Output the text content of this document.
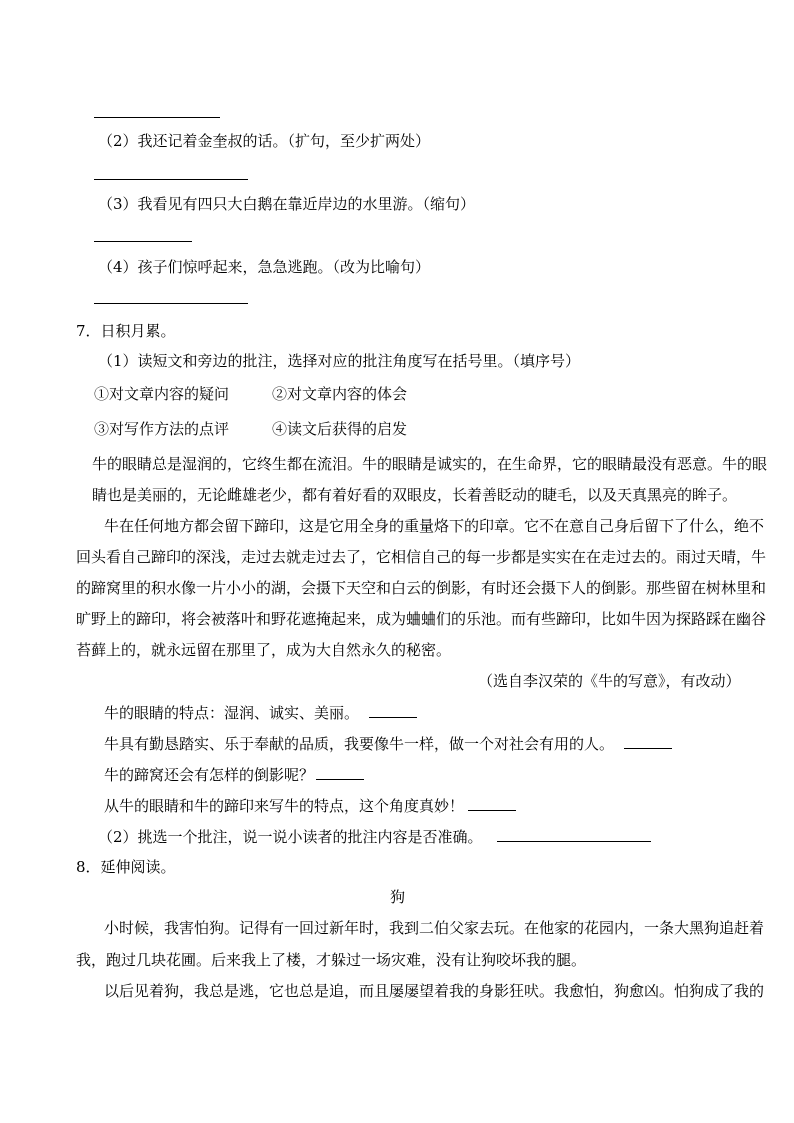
（2）我还记着金奎叔的话。（扩句，至少扩两处）
（3）我看见有四只大白鹅在靠近岸边的水里游。（缩句）
（4）孩子们惊呼起来，急急逃跑。（改为比喻句）
7．日积月累。
（1）读短文和旁边的批注，选择对应的批注角度写在括号里。（填序号）
①对文章内容的疑问	②对文章内容的体会
③对写作方法的点评	④读文后获得的启发
牛的眼睛总是湿润的，它终生都在流泪。牛的眼睛是诚实的，在生命界，它的眼睛最没有恶意。牛的眼
睛也是美丽的，无论雌雄老少，都有着好看的双眼皮，长着善眨动的睫毛，以及天真黑亮的眸子。
牛在任何地方都会留下蹄印，这是它用全身的重量烙下的印章。它不在意自己身后留下了什么，绝不
回头看自己蹄印的深浅，走过去就走过去了，它相信自己的每一步都是实实在在走过去的。雨过天晴，牛
的蹄窝里的积水像一片小小的湖，会摄下天空和白云的倒影，有时还会摄下人的倒影。那些留在树林里和
旷野上的蹄印，将会被落叶和野花遮掩起来，成为蛐蛐们的乐池。而有些蹄印，比如牛因为探路踩在幽谷
苔藓上的，就永远留在那里了，成为大自然永久的秘密。
（选自李汉荣的《牛的写意》，有改动）
牛的眼睛的特点：湿润、诚实、美丽。
牛具有勤恳踏实、乐于奉献的品质，我要像牛一样，做一个对社会有用的人。
牛的蹄窝还会有怎样的倒影呢？
从牛的眼睛和牛的蹄印来写牛的特点，这个角度真妙！
（2）挑选一个批注，说一说小读者的批注内容是否准确。
8．延伸阅读。
狗
小时候，我害怕狗。记得有一回过新年时，我到二伯父家去玩。在他家的花园内，一条大黑狗追赶着
我，跑过几块花圃。后来我上了楼，才躲过一场灾难，没有让狗咬坏我的腿。
以后见着狗，我总是逃，它也总是追，而且屡屡望着我的身影狂吠。我愈怕，狗愈凶。怕狗成了我的
